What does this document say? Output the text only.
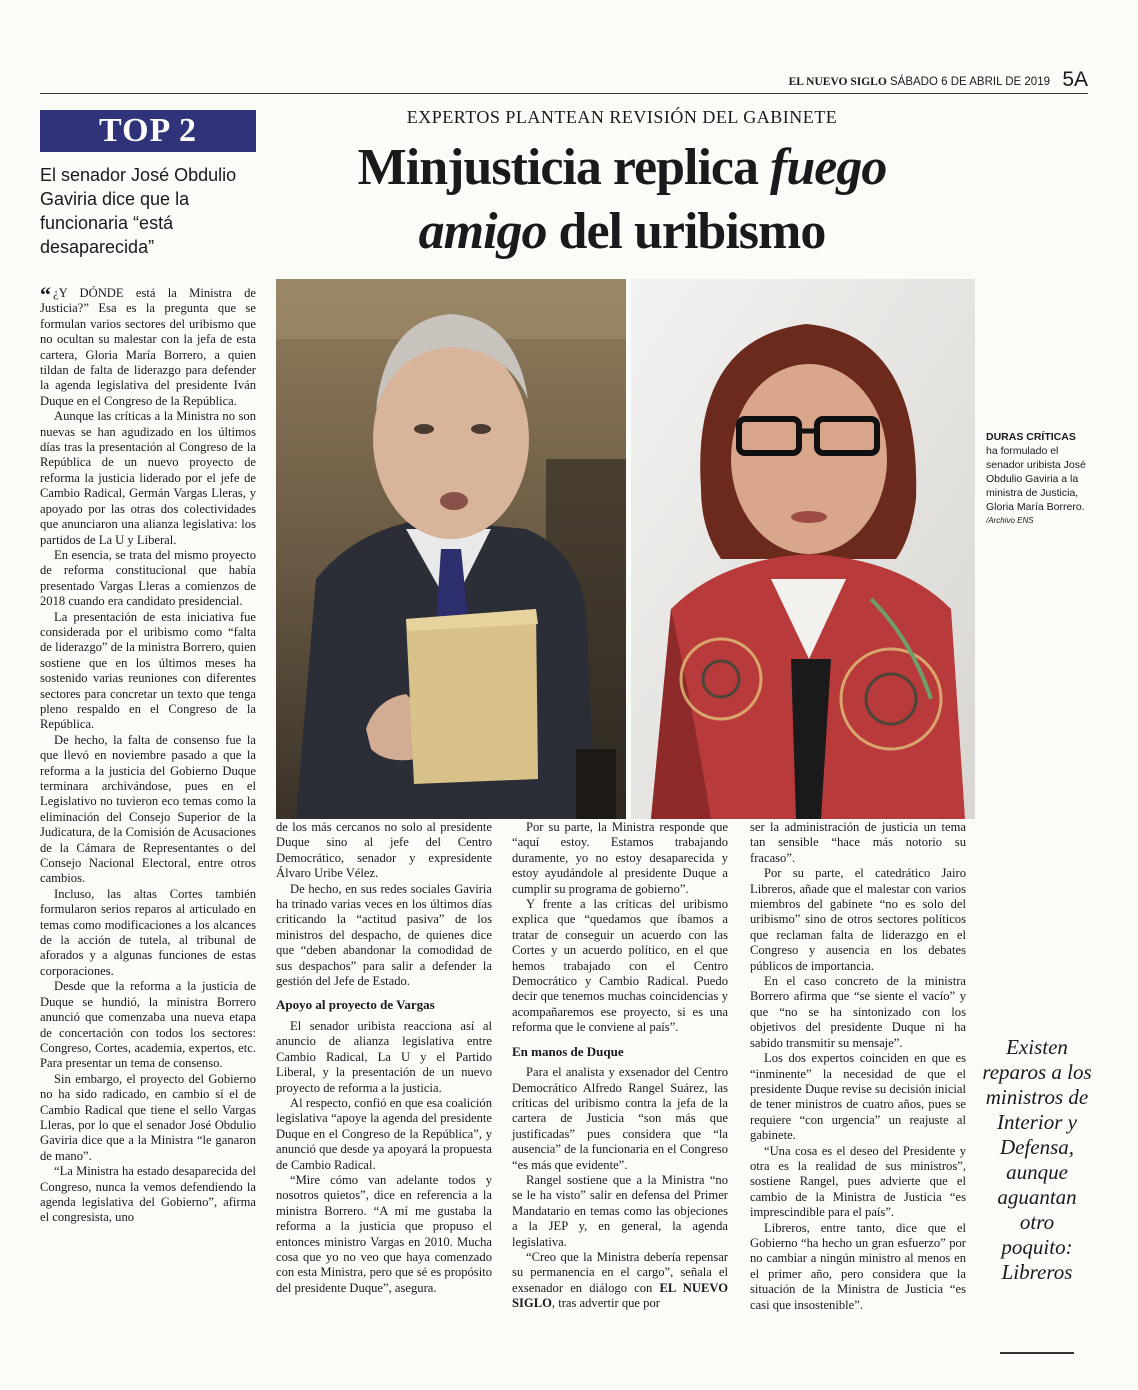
EL NUEVO SIGLO SÁBADO 6 DE ABRIL DE 2019 5A
TOP 2
El senador José Obdulio Gaviria dice que la funcionaria “está desaparecida”
EXPERTOS PLANTEAN REVISIÓN DEL GABINETE
Minjusticia replica fuego
amigo del uribismo
DURAS CRÍTICAS
ha formulado el senador uribista José Obdulio Gaviria a la ministra de Justicia, Gloria María Borrero.
/Archivo ENS

“ ¿Y DÓNDE está la Ministra de Justicia?” Esa es la pregunta que se formulan varios sectores del uribismo que no ocultan su malestar con la jefa de esta cartera, Gloria María Borrero, a quien tildan de falta de liderazgo para defender la agenda legislativa del presidente Iván Duque en el Congreso de la República.

Aunque las críticas a la Ministra no son nuevas se han agudizado en los últimos días tras la presentación al Congreso de la República de un nuevo proyecto de reforma la justicia liderado por el jefe de Cambio Radical, Germán Vargas Lleras, y apoyado por las otras dos colectividades que anunciaron una alianza legislativa: los partidos de La U y Liberal.

En esencia, se trata del mismo proyecto de reforma constitucional que había presentado Vargas Lleras a comienzos de 2018 cuando era candidato presidencial.

La presentación de esta iniciativa fue considerada por el uribismo como “falta de liderazgo” de la ministra Borrero, quien sostiene que en los últimos meses ha sostenido varias reuniones con diferentes sectores para concretar un texto que tenga pleno respaldo en el Congreso de la República.

De hecho, la falta de consenso fue la que llevó en noviembre pasado a que la reforma a la justicia del Gobierno Duque terminara archivándose, pues en el Legislativo no tuvieron eco temas como la eliminación del Consejo Superior de la Judicatura, de la Comisión de Acusaciones de la Cámara de Representantes o del Consejo Nacional Electoral, entre otros cambios.

Incluso, las altas Cortes también formularon serios reparos al articulado en temas como modificaciones a los alcances de la acción de tutela, al tribunal de aforados y a algunas funciones de estas corporaciones.

Desde que la reforma a la justicia de Duque se hundió, la ministra Borrero anunció que comenzaba una nueva etapa de concertación con todos los sectores: Congreso, Cortes, academia, expertos, etc. Para presentar un tema de consenso.

Sin embargo, el proyecto del Gobierno no ha sido radicado, en cambio sí el de Cambio Radical que tiene el sello Vargas Lleras, por lo que el senador José Obdulio Gaviria dice que a la Ministra “le ganaron de mano”.

“La Ministra ha estado desaparecida del Congreso, nunca la vemos defendiendo la agenda legislativa del Gobierno”, afirma el congresista, uno

de los más cercanos no solo al presidente Duque sino al jefe del Centro Democrático, senador y expresidente Álvaro Uribe Vélez.

De hecho, en sus redes sociales Gaviria ha trinado varias veces en los últimos días criticando la “actitud pasiva” de los ministros del despacho, de quienes dice que “deben abandonar la comodidad de sus despachos” para salir a defender la gestión del Jefe de Estado.

Apoyo al proyecto de Vargas

El senador uribista reacciona así al anuncio de alianza legislativa entre Cambio Radical, La U y el Partido Liberal, y la presentación de un nuevo proyecto de reforma a la justicia.

Al respecto, confió en que esa coalición legislativa “apoye la agenda del presidente Duque en el Congreso de la República”, y anunció que desde ya apoyará la propuesta de Cambio Radical.

“Mire cómo van adelante todos y nosotros quietos”, dice en referencia a la ministra Borrero. “A mí me gustaba la reforma a la justicia que propuso el entonces ministro Vargas en 2010. Mucha cosa que yo no veo que haya comenzado con esta Ministra, pero que sé es propósito del presidente Duque”, asegura.

Por su parte, la Ministra responde que “aquí estoy. Estamos trabajando duramente, yo no estoy desaparecida y estoy ayudándole al presidente Duque a cumplir su programa de gobierno”.

Y frente a las críticas del uribismo explica que “quedamos que íbamos a tratar de conseguir un acuerdo con las Cortes y un acuerdo político, en el que hemos trabajado con el Centro Democrático y Cambio Radical. Puedo decir que tenemos muchas coincidencias y acompañaremos ese proyecto, si es una reforma que le conviene al país”.

En manos de Duque

Para el analista y exsenador del Centro Democrático Alfredo Rangel Suárez, las críticas del uribismo contra la jefa de la cartera de Justicia “son más que justificadas” pues considera que “la ausencia” de la funcionaria en el Congreso “es más que evidente”.

Rangel sostiene que a la Ministra “no se le ha visto” salir en defensa del Primer Mandatario en temas como las objeciones a la JEP y, en general, la agenda legislativa.

“Creo que la Ministra debería repensar su permanencia en el cargo”, señala el exsenador en diálogo con EL NUEVO SIGLO, tras advertir que por

ser la administración de justicia un tema tan sensible “hace más notorio su fracaso”.

Por su parte, el catedrático Jairo Libreros, añade que el malestar con varios miembros del gabinete “no es solo del uribismo” sino de otros sectores políticos que reclaman falta de liderazgo en el Congreso y ausencia en los debates públicos de importancia.

En el caso concreto de la ministra Borrero afirma que “se siente el vacío” y que “no se ha sintonizado con los objetivos del presidente Duque ni ha sabido transmitir su mensaje”.

Los dos expertos coinciden en que es “inminente” la necesidad de que el presidente Duque revise su decisión inicial de tener ministros de cuatro años, pues se requiere “con urgencia” un reajuste al gabinete.

“Una cosa es el deseo del Presidente y otra es la realidad de sus ministros”, sostiene Rangel, pues advierte que el cambio de la Ministra de Justicia “es imprescindible para el país”.

Libreros, entre tanto, dice que el Gobierno “ha hecho un gran esfuerzo” por no cambiar a ningún ministro al menos en el primer año, pero considera que la situación de la Ministra de Justicia “es casi que insostenible”.

Existen reparos a los ministros de Interior y Defensa, aunque aguantan otro poquito: Libreros
